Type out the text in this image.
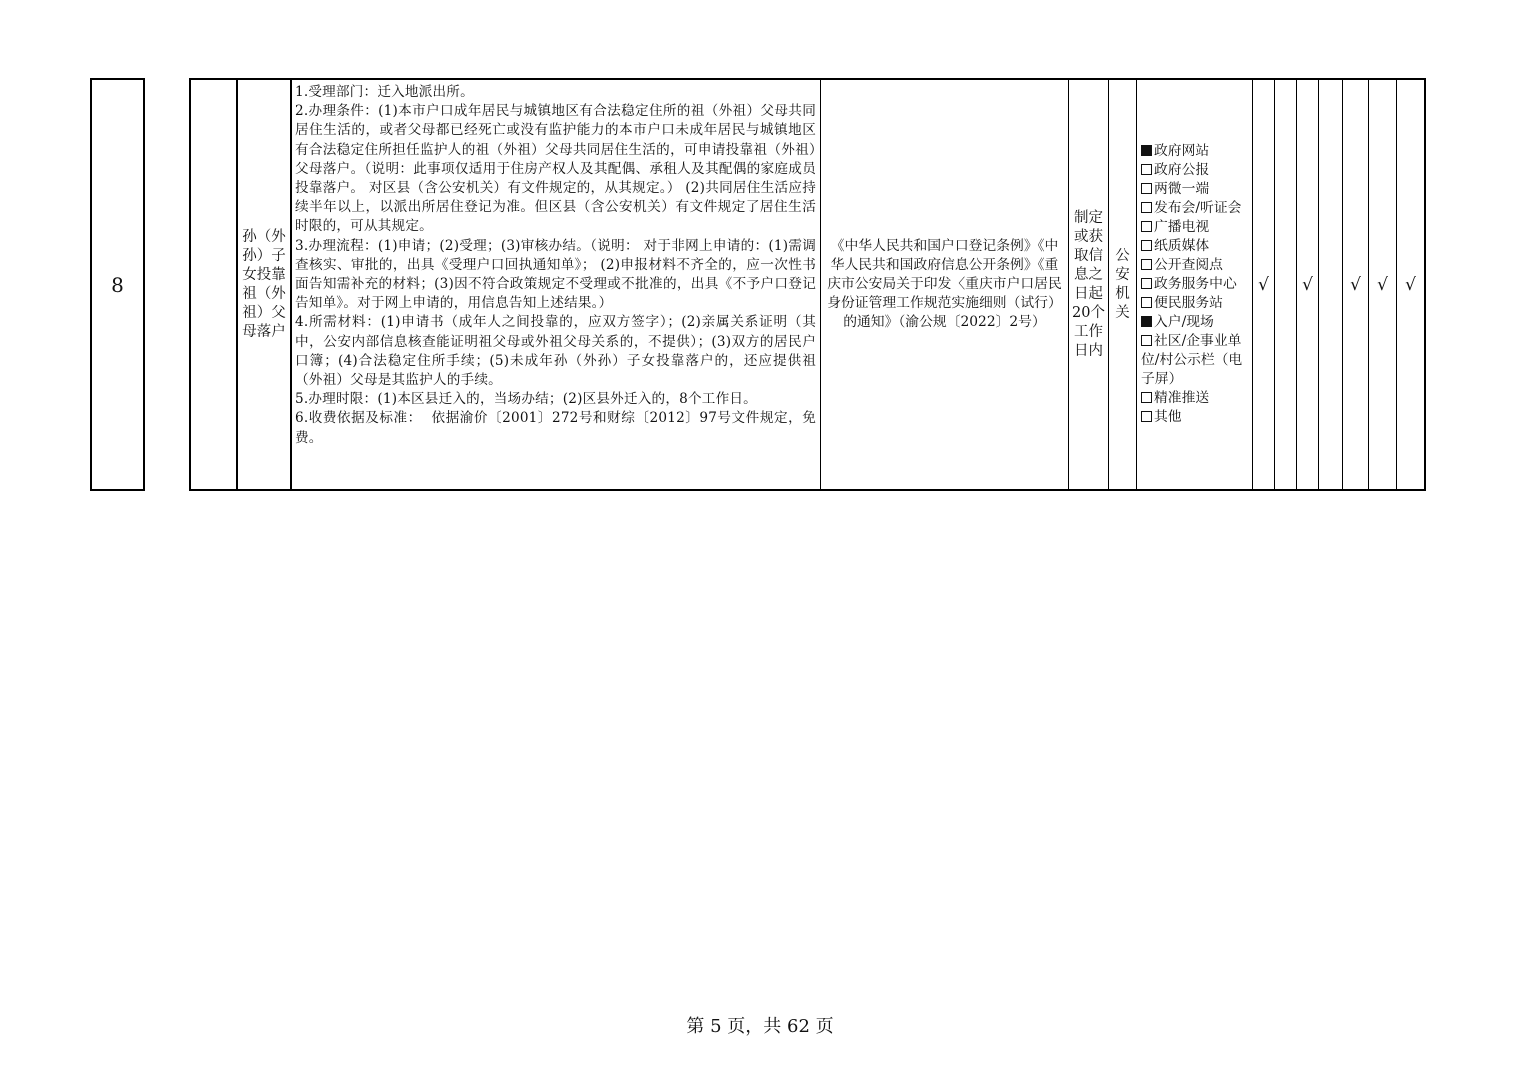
8
孙（外孙）子女投靠祖（外祖）父母落户
1.受理部门：迁入地派出所。
2.办理条件：(1)本市户口成年居民与城镇地区有合法稳定住所的祖（外祖）父母共同居住生活的，或者父母都已经死亡或没有监护能力的本市户口未成年居民与城镇地区有合法稳定住所担任监护人的祖（外祖）父母共同居住生活的，可申请投靠祖（外祖）父母落户。（说明：此事项仅适用于住房产权人及其配偶、承租人及其配偶的家庭成员投靠落户。 对区县（含公安机关）有文件规定的，从其规定。） (2)共同居住生活应持续半年以上，以派出所居住登记为准。但区县（含公安机关）有文件规定了居住生活时限的，可从其规定。
3.办理流程：(1)申请；(2)受理；(3)审核办结。（说明： 对于非网上申请的：(1)需调查核实、审批的，出具《受理户口回执通知单》； (2)申报材料不齐全的，应一次性书面告知需补充的材料；(3)因不符合政策规定不受理或不批准的，出具《不予户口登记告知单》。对于网上申请的，用信息告知上述结果。）
4.所需材料：(1)申请书（成年人之间投靠的，应双方签字）；(2)亲属关系证明（其中，公安内部信息核查能证明祖父母或外祖父母关系的，不提供）；(3)双方的居民户口簿；(4)合法稳定住所手续；(5)未成年孙（外孙）子女投靠落户的，还应提供祖（外祖）父母是其监护人的手续。
5.办理时限：(1)本区县迁入的，当场办结；(2)区县外迁入的，8个工作日。
6.收费依据及标准：  依据渝价〔2001〕272号和财综〔2012〕97号文件规定，免费。
《中华人民共和国户口登记条例》《中华人民共和国政府信息公开条例》《重庆市公安局关于印发〈重庆市户口居民身份证管理工作规范实施细则（试行）的通知》（渝公规〔2022〕2号）
制定或获取信息之日起20个工作日内
公安机关
政府网站
政府公报
两微一端
发布会/听证会
广播电视
纸质媒体
公开查阅点
政务服务中心
便民服务站
入户/现场
社区/企事业单位/村公示栏（电子屏）
精准推送
其他
√ √	√ √	√
第 5 页，共 62 页
